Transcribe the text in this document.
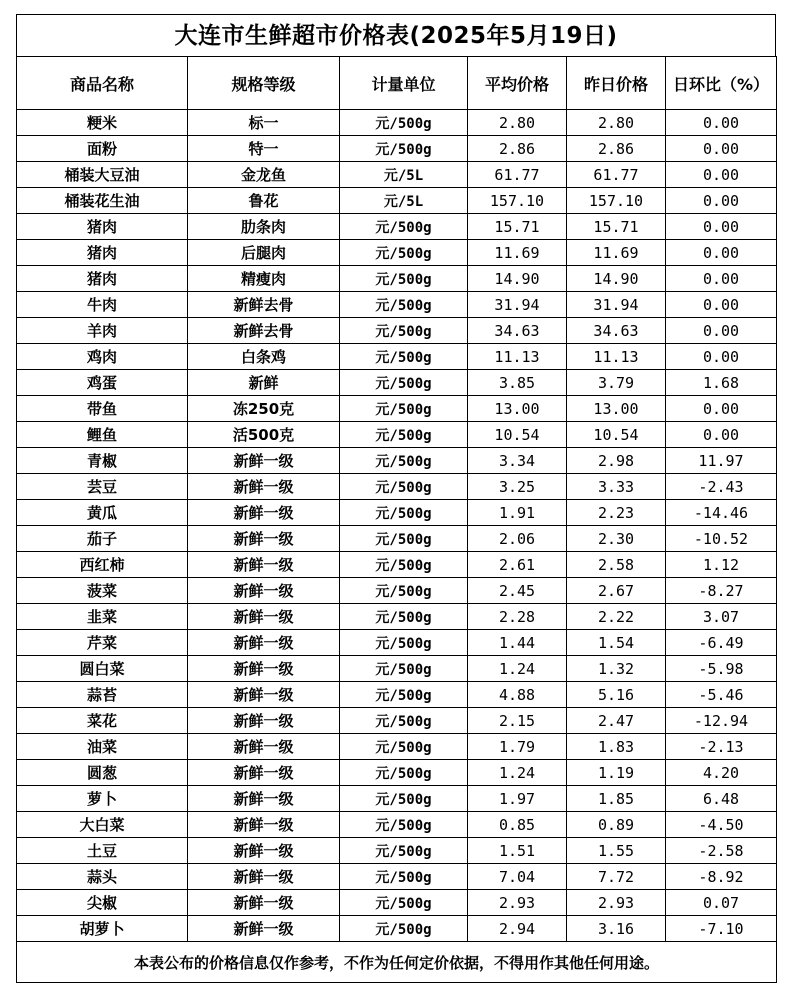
大连市生鲜超市价格表(2025年5月19日)
商品名称	规格等级	计量单位	平均价格	昨日价格	日环比（%）
粳米	标一	元/500g	2.80	2.80	0.00
面粉	特一	元/500g	2.86	2.86	0.00
桶装大豆油	金龙鱼	元/5L	61.77	61.77	0.00
桶装花生油	鲁花	元/5L	157.10	157.10	0.00
猪肉	肋条肉	元/500g	15.71	15.71	0.00
猪肉	后腿肉	元/500g	11.69	11.69	0.00
猪肉	精瘦肉	元/500g	14.90	14.90	0.00
牛肉	新鲜去骨	元/500g	31.94	31.94	0.00
羊肉	新鲜去骨	元/500g	34.63	34.63	0.00
鸡肉	白条鸡	元/500g	11.13	11.13	0.00
鸡蛋	新鲜	元/500g	3.85	3.79	1.68
带鱼	冻250克	元/500g	13.00	13.00	0.00
鲤鱼	活500克	元/500g	10.54	10.54	0.00
青椒	新鲜一级	元/500g	3.34	2.98	11.97
芸豆	新鲜一级	元/500g	3.25	3.33	-2.43
黄瓜	新鲜一级	元/500g	1.91	2.23	-14.46
茄子	新鲜一级	元/500g	2.06	2.30	-10.52
西红柿	新鲜一级	元/500g	2.61	2.58	1.12
菠菜	新鲜一级	元/500g	2.45	2.67	-8.27
韭菜	新鲜一级	元/500g	2.28	2.22	3.07
芹菜	新鲜一级	元/500g	1.44	1.54	-6.49
圆白菜	新鲜一级	元/500g	1.24	1.32	-5.98
蒜苔	新鲜一级	元/500g	4.88	5.16	-5.46
菜花	新鲜一级	元/500g	2.15	2.47	-12.94
油菜	新鲜一级	元/500g	1.79	1.83	-2.13
圆葱	新鲜一级	元/500g	1.24	1.19	4.20
萝卜	新鲜一级	元/500g	1.97	1.85	6.48
大白菜	新鲜一级	元/500g	0.85	0.89	-4.50
土豆	新鲜一级	元/500g	1.51	1.55	-2.58
蒜头	新鲜一级	元/500g	7.04	7.72	-8.92
尖椒	新鲜一级	元/500g	2.93	2.93	0.07
胡萝卜	新鲜一级	元/500g	2.94	3.16	-7.10
本表公布的价格信息仅作参考，不作为任何定价依据，不得用作其他任何用途。					
